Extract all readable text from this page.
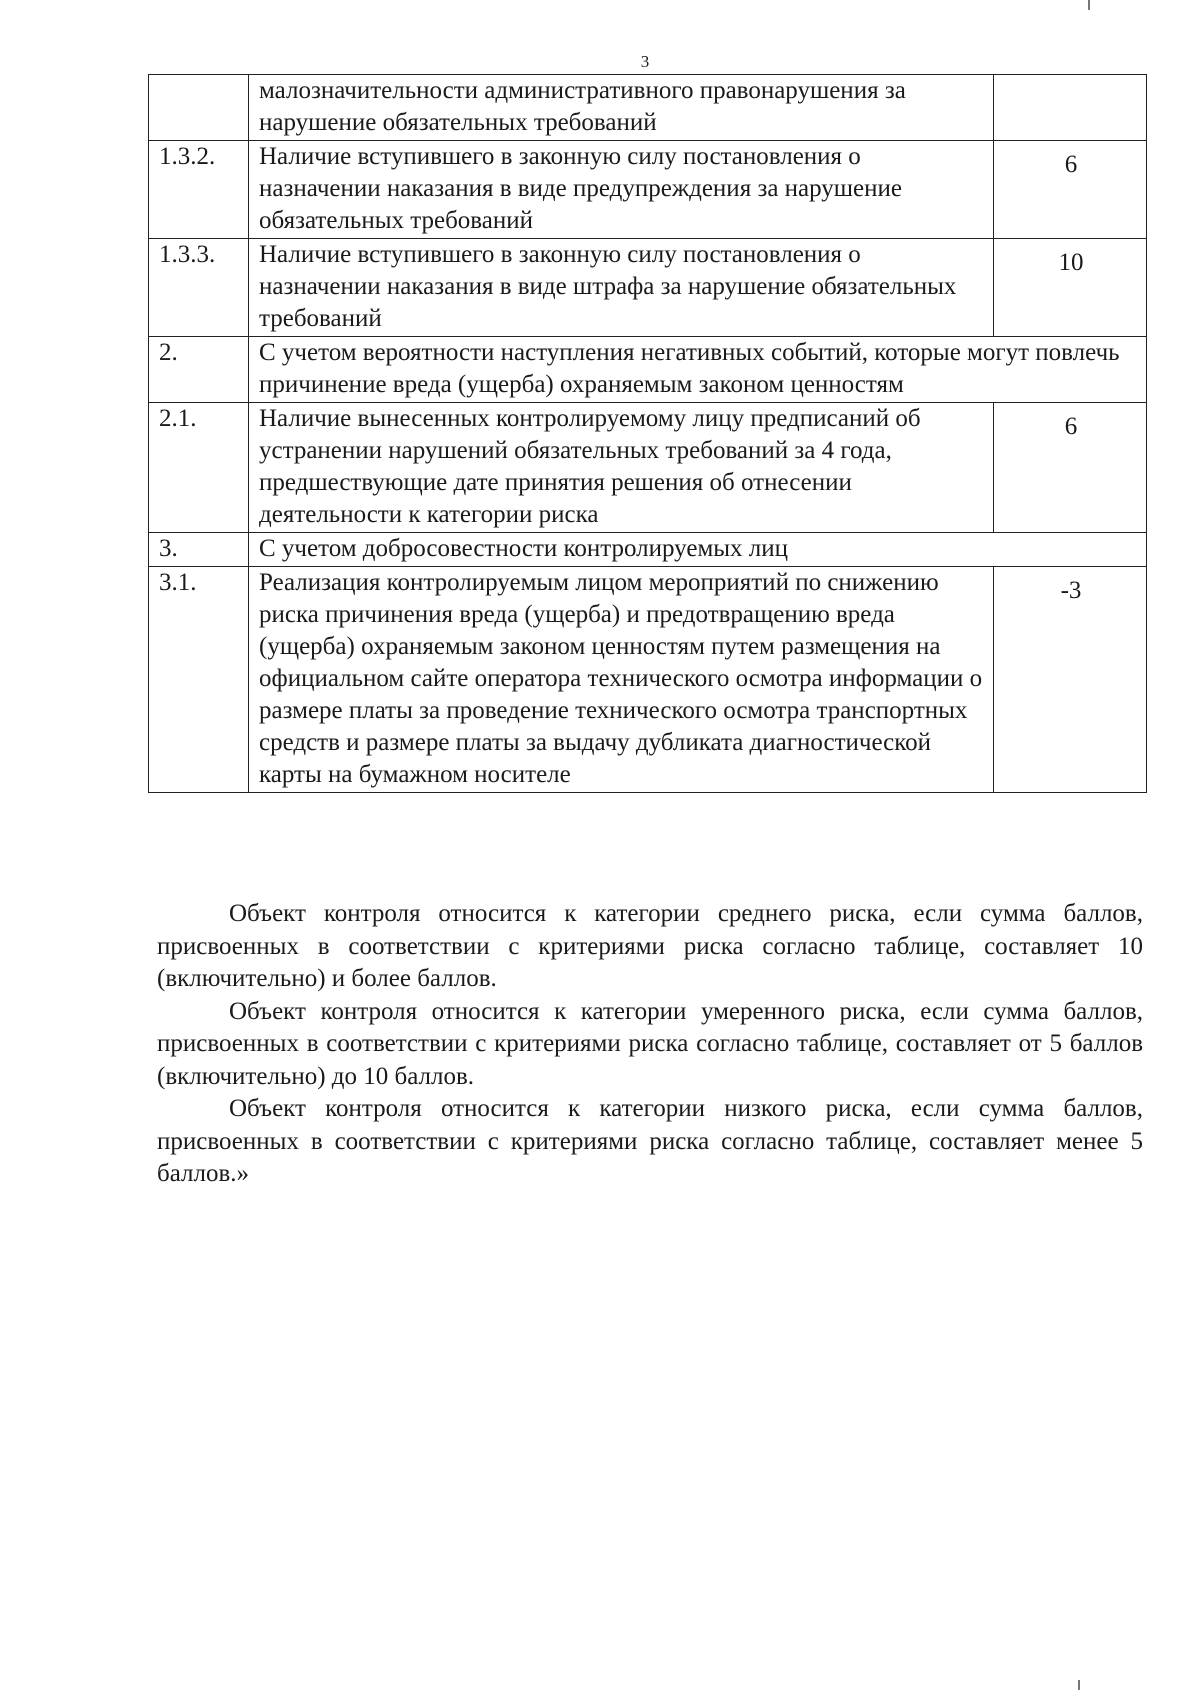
3
	малозначительности административного правонарушения за нарушение обязательных требований	
1.3.2.	Наличие вступившего в законную силу постановления о назначении наказания в виде предупреждения за нарушение обязательных требований	6
1.3.3.	Наличие вступившего в законную силу постановления о назначении наказания в виде штрафа за нарушение обязательных требований	10
2.	С учетом вероятности наступления негативных событий, которые могут повлечь причинение вреда (ущерба) охраняемым законом ценностям	
2.1.	Наличие вынесенных контролируемому лицу предписаний об устранении нарушений обязательных требований за 4 года, предшествующие дате принятия решения об отнесении деятельности к категории риска	6
3.	С учетом добросовестности контролируемых лиц	
3.1.	Реализация контролируемым лицом мероприятий по снижению риска причинения вреда (ущерба) и предотвращению вреда (ущерба) охраняемым законом ценностям путем размещения на официальном сайте оператора технического осмотра информации о размере платы за проведение технического осмотра транспортных средств и размере платы за выдачу дубликата диагностической карты на бумажном носителе	-3

Объект контроля относится к категории среднего риска, если сумма баллов, присвоенных в соответствии с критериями риска согласно таблице, составляет 10 (включительно) и более баллов.

Объект контроля относится к категории умеренного риска, если сумма баллов, присвоенных в соответствии с критериями риска согласно таблице, составляет от 5 баллов (включительно) до 10 баллов.

Объект контроля относится к категории низкого риска, если сумма баллов, присвоенных в соответствии с критериями риска согласно таблице, составляет менее 5 баллов.»
